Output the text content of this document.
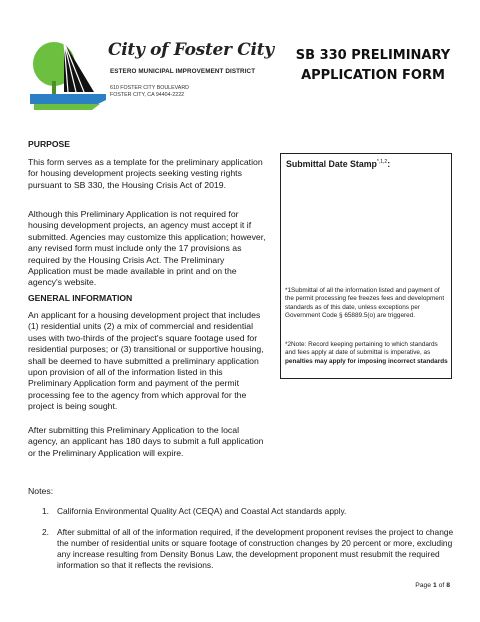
City of Foster City
ESTERO MUNICIPAL IMPROVEMENT DISTRICT
610 FOSTER CITY BOULEVARD
FOSTER CITY, CA 94404-2222
SB 330 PRELIMINARY
APPLICATION FORM
PURPOSE
This form serves as a template for the preliminary application for housing development projects seeking vesting rights pursuant to SB 330, the Housing Crisis Act of 2019.
Although this Preliminary Application is not required for housing development projects, an agency must accept it if submitted. Agencies may customize this application; however, any revised form must include only the 17 provisions as required by the Housing Crisis Act. The Preliminary Application must be made available in print and on the agency's website.
GENERAL INFORMATION
An applicant for a housing development project that includes (1) residential units (2) a mix of commercial and residential uses with two-thirds of the project's square footage used for residential purposes; or (3) transitional or supportive housing, shall be deemed to have submitted a preliminary application upon provision of all of the information listed in this Preliminary Application form and payment of the permit processing fee to the agency from which approval for the project is being sought.
After submitting this Preliminary Application to the local agency, an applicant has 180 days to submit a full application or the Preliminary Application will expire.
Submittal Date Stamp$^{*,1,2}$:
*1Submittal of all the information listed and payment of the permit processing fee freezes fees and development standards as of this date, unless exceptions per Government Code § 65889.5(o) are triggered.
*2Note: Record keeping pertaining to which standards and fees apply at date of submittal is imperative, as penalties may apply for imposing incorrect standards
Notes:
1. California Environmental Quality Act (CEQA) and Coastal Act standards apply.
2. After submittal of all of the information required, if the development proponent revises the project to change the number of residential units or square footage of construction changes by 20 percent or more, excluding any increase resulting from Density Bonus Law, the development proponent must resubmit the required information so that it reflects the revisions.
Page 1 of 8
